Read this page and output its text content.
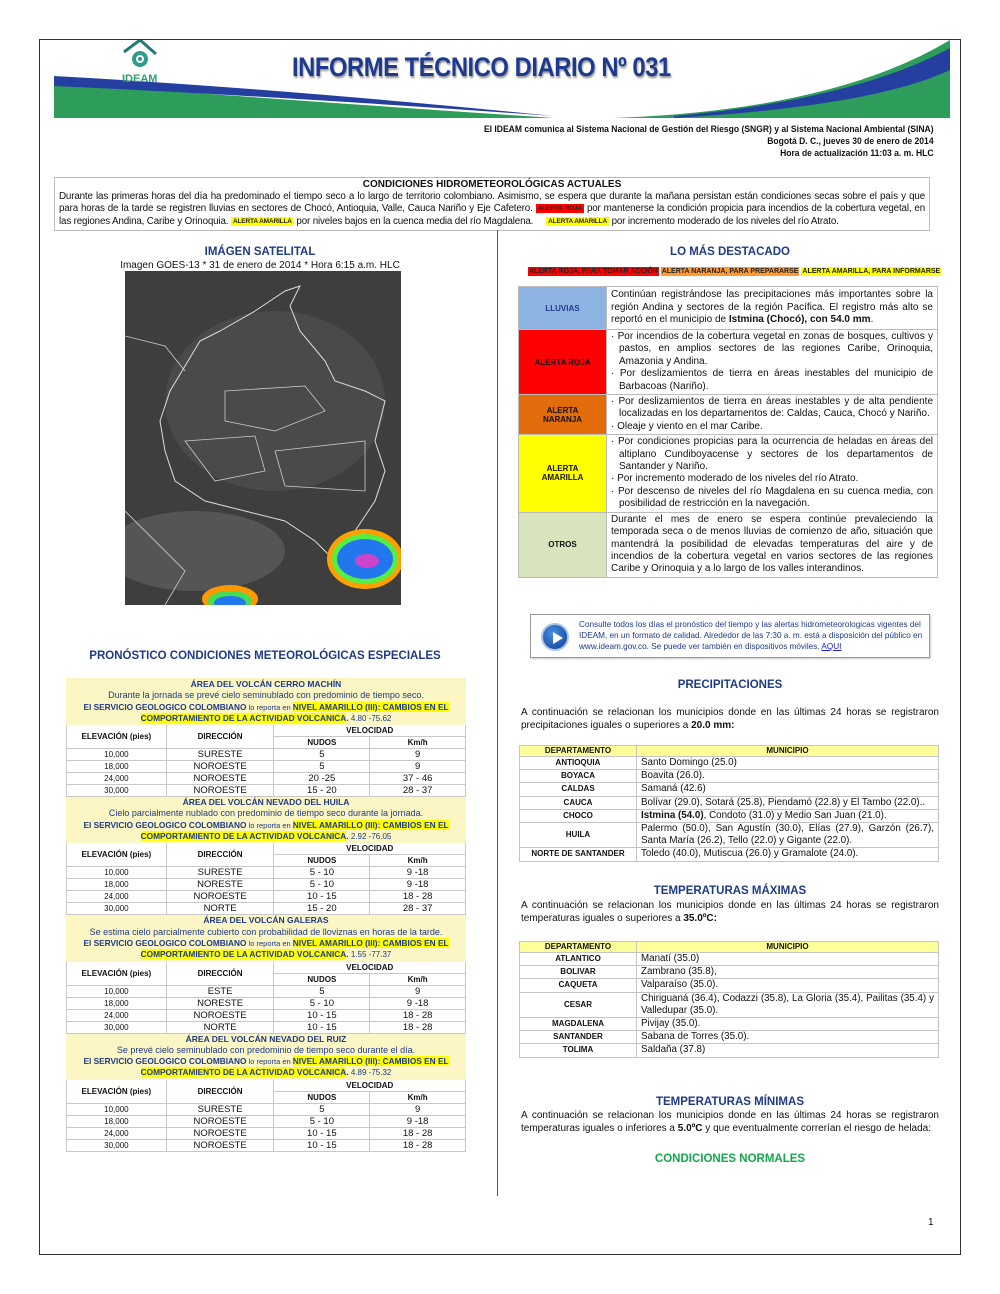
IDEAM	INFORME TÉCNICO DIARIO Nº 031
El IDEAM comunica al Sistema Nacional de Gestión del Riesgo (SNGR) y al Sistema Nacional Ambiental (SINA)
Bogotá D. C., jueves 30 de enero de 2014
Hora de actualización 11:03 a. m. HLC
CONDICIONES HIDROMETEOROLÓGICAS ACTUALES
Durante las primeras horas del día ha predominado el tiempo seco a lo largo de territorio colombiano. Asimismo, se espera que durante la mañana persistan están condiciones secas sobre el país y que para horas de la tarde se registren lluvias en sectores de Chocó, Antioquia, Valle, Cauca Nariño y Eje Cafetero. ALERTA ROJA por mantenerse la condición propicia para incendios de la cobertura vegetal, en las regiones Andina, Caribe y Orinoquia. ALERTA AMARILLA por niveles bajos en la cuenca media del río Magdalena. ALERTA AMARILLA por incremento moderado de los niveles del río Atrato.
IMÁGEN SATELITAL
Imagen GOES-13 * 31 de enero de 2014 * Hora 6:15 a.m. HLC
LO MÁS DESTACADO
ALERTA ROJA, PARA TOMAR ACCIÓN ALERTA NARANJA, PARA PREPARARSE ALERTA AMARILLA, PARA INFORMARSE
LLUVIAS	Continúan registrándose las precipitaciones más importantes sobre la región Andina y sectores de la región Pacífica. El registro más alto se reportó en el municipio de Istmina (Chocó), con 54.0 mm.
ALERTA ROJA	
· Por incendios de la cobertura vegetal en zonas de bosques, cultivos y pastos, en amplios sectores de las regiones Caribe, Orinoquia, Amazonia y Andina.
· Por deslizamientos de tierra en áreas inestables del municipio de Barbacoas (Nariño).

ALERTA NARANJA	
· Por deslizamientos de tierra en áreas inestables y de alta pendiente localizadas en los departamentos de: Caldas, Cauca, Chocó y Nariño.
· Oleaje y viento en el mar Caribe.

ALERTA AMARILLA	
· Por condiciones propicias para la ocurrencia de heladas en áreas del altiplano Cundiboyacense y sectores de los departamentos de Santander y Nariño.
· Por incremento moderado de los niveles del río Atrato.
· Por descenso de niveles del río Magdalena en su cuenca media, con posibilidad de restricción en la navegación.

OTROS	Durante el mes de enero se espera continúe prevaleciendo la temporada seca o de menos lluvias de comienzo de año, situación que mantendrá la posibilidad de elevadas temperaturas del aire y de incendios de la cobertura vegetal en varios sectores de las regiones Caribe y Orinoquia y a lo largo de los valles interandinos.
Consulte todos los días el pronóstico del tiempo y las alertas hidrometeorologicas vigentes del IDEAM, en un formato de calidad. Alrededor de las 7:30 a. m. está a disposición del público en www.ideam.gov.co. Se puede ver también en dispositivos móviles. AQUI
PRONÓSTICO CONDICIONES METEOROLÓGICAS ESPECIALES
ÁREA DEL VOLCÁN CERRO MACHÍN
Durante la jornada se prevé cielo seminublado con predominio de tiempo seco.
El SERVICIO GEOLOGICO COLOMBIANO lo reporta en NIVEL AMARILLO (III): CAMBIOS EN EL
COMPORTAMIENTO DE LA ACTIVIDAD VOLCANICA. 4.80 -75.62			

ELEVACIÓN (pies)	DIRECCIÓN	VELOCIDAD	
		NUDOS	Km/h
10,000	SURESTE	5	9
18,000	NOROESTE	5	9
24,000	NOROESTE	20 -25	37 - 46
30,000	NOROESTE	15 - 20	28 - 37

ÁREA DEL VOLCÁN NEVADO DEL HUILA
Cielo parcialmente nublado con predominio de tiempo seco durante la jornada.
El SERVICIO GEOLOGICO COLOMBIANO lo reporta en NIVEL AMARILLO (III): CAMBIOS EN EL
COMPORTAMIENTO DE LA ACTIVIDAD VOLCANICA. 2.92 -76.05			

ELEVACIÓN (pies)	DIRECCIÓN	VELOCIDAD	
		NUDOS	Km/h
10,000	SURESTE	5 - 10	9 -18
18,000	NORESTE	5 - 10	9 -18
24,000	NOROESTE	10 - 15	18 - 28
30,000	NORTE	15 - 20	28 - 37

ÁREA DEL VOLCÁN GALERAS
Se estima cielo parcialmente cubierto con probabilidad de lloviznas en horas de la tarde.
El SERVICIO GEOLOGICO COLOMBIANO lo reporta en NIVEL AMARILLO (III): CAMBIOS EN EL
COMPORTAMIENTO DE LA ACTIVIDAD VOLCANICA. 1.55 -77.37			

ELEVACIÓN (pies)	DIRECCIÓN	VELOCIDAD	
		NUDOS	Km/h
10,000	ESTE	5	9
18,000	NORESTE	5 - 10	9 -18
24,000	NOROESTE	10 - 15	18 - 28
30,000	NORTE	10 - 15	18 - 28

ÁREA DEL VOLCÁN NEVADO DEL RUIZ
Se prevé cielo seminublado con predominio de tiempo seco durante el día.
El SERVICIO GEOLOGICO COLOMBIANO lo reporta en NIVEL AMARILLO (III): CAMBIOS EN EL
COMPORTAMIENTO DE LA ACTIVIDAD VOLCANICA. 4.89 -75.32			

ELEVACIÓN (pies)	DIRECCIÓN	VELOCIDAD	
		NUDOS	Km/h
10,000	SURESTE	5	9
18,000	NOROESTE	5 - 10	9 -18
24,000	NOROESTE	10 - 15	18 - 28
30,000	NOROESTE	10 - 15	18 - 28
PRECIPITACIONES
A continuación se relacionan los municipios donde en las últimas 24 horas se registraron precipitaciones iguales o superiores a 20.0 mm:
DEPARTAMENTO	MUNICIPIO
ANTIOQUIA	Santo Domingo (25.0)
BOYACA	Boavita (26.0).
CALDAS	Samaná (42.6)
CAUCA	Bolívar (29.0), Sotará (25.8), Piendamó (22.8) y El Tambo (22.0)..
CHOCO	Istmina (54.0), Condoto (31.0) y Medio San Juan (21.0).
HUILA	Palermo (50.0), San Agustín (30.0), Elías (27.9), Garzón (26.7), Santa María (26.2), Tello (22.0) y Gigante (22.0).
NORTE DE SANTANDER	Toledo (40.0), Mutiscua (26.0) y Gramalote (24.0).
TEMPERATURAS MÁXIMAS
A continuación se relacionan los municipios donde en las últimas 24 horas se registraron temperaturas iguales o superiores a 35.0ºC:
DEPARTAMENTO	MUNICIPIO
ATLANTICO	Manatí (35.0)
BOLIVAR	Zambrano (35.8),
CAQUETA	Valparaíso (35.0).
CESAR	Chiriguaná (36.4), Codazzi (35.8), La Gloria (35.4), Pailitas (35.4) y Valledupar (35.0).
MAGDALENA	Pivijay (35.0).
SANTANDER	Sabana de Torres (35.0).
TOLIMA	Saldaña (37.8)
TEMPERATURAS MÍNIMAS
A continuación se relacionan los municipios donde en las últimas 24 horas se registraron temperaturas iguales o inferiores a 5.0ºC y que eventualmente correrían el riesgo de helada:
CONDICIONES NORMALES
1
